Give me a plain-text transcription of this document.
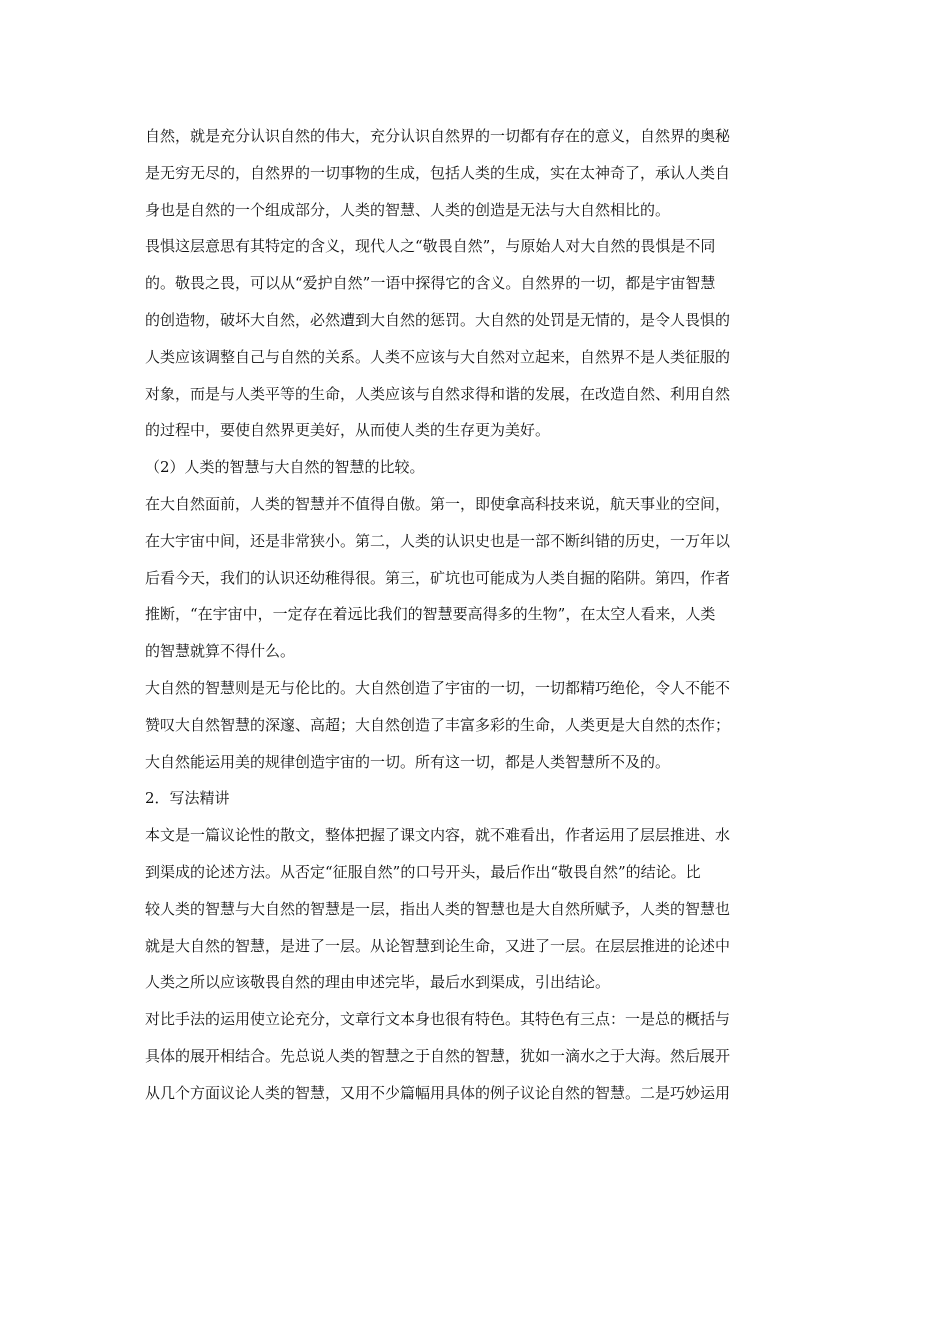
自然，就是充分认识自然的伟大，充分认识自然界的一切都有存在的意义，自然界的奥秘
是无穷无尽的，自然界的一切事物的生成，包括人类的生成，实在太神奇了，承认人类自
身也是自然的一个组成部分，人类的智慧、人类的创造是无法与大自然相比的。
畏惧这层意思有其特定的含义，现代人之“敬畏自然”，与原始人对大自然的畏惧是不同
的。敬畏之畏，可以从“爱护自然”一语中探得它的含义。自然界的一切，都是宇宙智慧
的创造物，破坏大自然，必然遭到大自然的惩罚。大自然的处罚是无情的，是令人畏惧的
人类应该调整自己与自然的关系。人类不应该与大自然对立起来，自然界不是人类征服的
对象，而是与人类平等的生命，人类应该与自然求得和谐的发展，在改造自然、利用自然
的过程中，要使自然界更美好，从而使人类的生存更为美好。
（2）人类的智慧与大自然的智慧的比较。
在大自然面前，人类的智慧并不值得自傲。第一，即使拿高科技来说，航天事业的空间，
在大宇宙中间，还是非常狭小。第二，人类的认识史也是一部不断纠错的历史，一万年以
后看今天，我们的认识还幼稚得很。第三，矿坑也可能成为人类自掘的陷阱。第四，作者
推断，“在宇宙中，一定存在着远比我们的智慧要高得多的生物”，在太空人看来，人类
的智慧就算不得什么。
大自然的智慧则是无与伦比的。大自然创造了宇宙的一切，一切都精巧绝伦，令人不能不
赞叹大自然智慧的深邃、高超；大自然创造了丰富多彩的生命，人类更是大自然的杰作；
大自然能运用美的规律创造宇宙的一切。所有这一切，都是人类智慧所不及的。
2．写法精讲
本文是一篇议论性的散文，整体把握了课文内容，就不难看出，作者运用了层层推进、水
到渠成的论述方法。从否定“征服自然”的口号开头，最后作出“敬畏自然”的结论。比
较人类的智慧与大自然的智慧是一层，指出人类的智慧也是大自然所赋予，人类的智慧也
就是大自然的智慧，是进了一层。从论智慧到论生命，又进了一层。在层层推进的论述中
人类之所以应该敬畏自然的理由申述完毕，最后水到渠成，引出结论。
对比手法的运用使立论充分，文章行文本身也很有特色。其特色有三点：一是总的概括与
具体的展开相结合。先总说人类的智慧之于自然的智慧，犹如一滴水之于大海。然后展开
从几个方面议论人类的智慧，又用不少篇幅用具体的例子议论自然的智慧。二是巧妙运用
